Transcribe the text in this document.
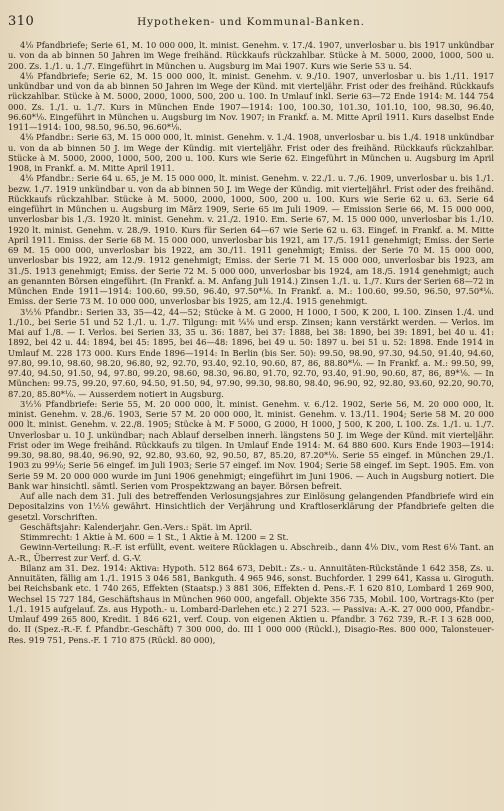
310	Hypotheken- und Kommunal-Banken.

4⅟₀ Pfandbriefe; Serie 61, M. 10 000 000, lt. minist. Genehm. v. 17./4. 1907, unverlosbar u. bis 1917 unkündbar u. von da ab binnen 50 Jahren im Wege freihänd. Rückkaufs rückzahlbar. Stücke à M. 5000, 2000, 1000, 500 u. 200. Zs. 1./1. u. 1./7. Eingeführt in München u. Augsburg im Mai 1907. Kurs wie Serie 53 u. 54.

4⅟₀ Pfandbriefe; Serie 62, M. 15 000 000, lt. minist. Genehm. v. 9./10. 1907, unverlosbar u. bis 1./11. 1917 unkündbar und von da ab binnen 50 Jahren im Wege der Künd. mit vierteljähr. Frist oder des freihänd. Rückkaufs rückzahlbar. Stücke à M. 5000, 2000, 1000, 500, 200 u. 100. In Umlauf inkl. Serie 63—72 Ende 1914: M. 144 754 000. Zs. 1./1. u. 1./7. Kurs in München Ende 1907—1914: 100, 100.30, 101.30, 101.10, 100, 98.30, 96.40, 96.60*⅟₀. Eingeführt in München u. Augsburg im Nov. 1907; in Frankf. a. M. Mitte April 1911. Kurs daselbst Ende 1911—1914: 100, 98.50, 96.50, 96.60*⅟₀.

4⅟₀ Pfandbr.: Serie 63, M. 15 000 000, lt. minist. Genehm. v. 1./4. 1908, unverlosbar u. bis 1./4. 1918 unkündbar u. von da ab binnen 50 J. im Wege der Kündig. mit vierteljähr. Frist oder des freihänd. Rückkaufs rückzahlbar. Stücke à M. 5000, 2000, 1000, 500, 200 u. 100. Kurs wie Serie 62. Eingeführt in München u. Augsburg im April 1908, in Frankf. a. M. Mitte April 1911.

4⅟₀ Pfandbr.: Serie 64 u. 65, je M. 15 000 000, lt. minist. Genehm. v. 22./1. u. 7./6. 1909, unverlosbar u. bis 1./1. bezw. 1./7. 1919 unkündbar u. von da ab binnen 50 J. im Wege der Kündig. mit vierteljährl. Frist oder des freihänd. Rückkaufs rückzahlbar. Stücke à M. 5000, 2000, 1000, 500, 200 u. 100. Kurs wie Serie 62 u. 63. Serie 64 eingeführt in München u. Augsburg im März 1909, Serie 65 im Juli 1909. — Emission Serie 66, M. 15 000 000, unverlosbar bis 1./3. 1920 lt. minist. Genehm. v. 21./2. 1910. Em. Serie 67, M. 15 000 000, unverlosbar bis 1./10. 1920 lt. minist. Genehm. v. 28./9. 1910. Kurs für Serien 64—67 wie Serie 62 u. 63. Eingef. in Frankf. a. M. Mitte April 1911. Emiss. der Serie 68 M. 15 000 000, unverlosbar bis 1921, am 17./5. 1911 genehmigt; Emiss. der Serie 69 M. 15 000 000, unverlosbar bis 1922, am 30./11. 1911 genehmigt; Emiss. der Serie 70 M. 15 000 000, unverlosbar bis 1922, am 12./9. 1912 genehmigt; Emiss. der Serie 71 M. 15 000 000, unverlosbar bis 1923, am 31./5. 1913 genehmigt; Emiss. der Serie 72 M. 5 000 000, unverlosbar bis 1924, am 18./5. 1914 genehmigt; auch an genannten Börsen eingeführt. (In Frankf. a. M. Anfang Juli 1914.) Zinsen 1./1. u. 1./7. Kurs der Serien 68—72 in München Ende 1911—1914: 100.60, 99.50, 96.40, 97.50*⅟₀. In Frankf. a. M.: 100.60, 99.50, 96.50, 97.50*⅟₀. Emiss. der Serie 73 M. 10 000 000, unverlosbar bis 1925, am 12./4. 1915 genehmigt.

3½⅟₀ Pfandbr.: Serien 33, 35—42, 44—52; Stücke à M. G 2000, H 1000, I 500, K 200, L 100. Zinsen 1./4. und 1./10., bei Serie 51 und 52 1./1. u. 1./7. Tilgung: mit ¼⅟₀ und ersp. Zinsen; kann verstärkt werden. — Verlos. im Mai auf 1./8. — I. Verlos. bei Serien 33, 35 u. 36: 1887, bei 37: 1888, bei 38: 1890, bei 39: 1891, bei 40 u. 41: 1892, bei 42 u. 44: 1894, bei 45: 1895, bei 46—48: 1896, bei 49 u. 50: 1897 u. bei 51 u. 52: 1898. Ende 1914 in Umlauf M. 228 173 000. Kurs Ende 1896—1914: In Berlin (bis Ser. 50): 99.50, 98.90, 97.30, 94.50, 91.40, 94.60, 97.80, 99.10, 98.60, 98.20, 96.80, 92, 92.70, 93.40, 92.10, 90.60, 87, 86, 88.80*⅟₀. — In Frankf. a. M.: 99.50, 99, 97.40, 94.50, 91.50, 94, 97.80, 99.20, 98.60, 98.30, 96.80, 91.70, 92.70, 93.40, 91.90, 90.60, 87, 86, 89*⅟₀. — In München: 99.75, 99.20, 97.60, 94.50, 91.50, 94, 97.90, 99.30, 98.80, 98.40, 96.90, 92, 92.80, 93.60, 92.20, 90.70, 87.20, 85.80*⅟₀. — Ausserdem notiert in Augsburg.

3½⅟₀ Pfandbriefe: Serie 55, M. 20 000 000, lt. minist. Genehm. v. 6./12. 1902, Serie 56, M. 20 000 000, lt. minist. Genehm. v. 28./6. 1903, Serie 57 M. 20 000 000, lt. minist. Genehm. v. 13./11. 1904; Serie 58 M. 20 000 000 lt. minist. Genehm. v. 22./8. 1905; Stücke à M. F 5000, G 2000, H 1000, J 500, K 200, L 100. Zs. 1./1. u. 1./7. Unverlosbar u. 10 J. unkündbar; nach Ablauf derselben innerh. längstens 50 J. im Wege der Künd. mit vierteljähr. Frist oder im Wege freihänd. Rückkaufs zu tilgen. In Umlauf Ende 1914: M. 64 880 600. Kurs Ende 1903—1914: 99.30, 98.80, 98.40, 96.90, 92, 92.80, 93.60, 92, 90.50, 87, 85.20, 87.20*⅟₀. Serie 55 eingef. in München 29./1. 1903 zu 99⅟₀; Serie 56 eingef. im Juli 1903; Serie 57 eingef. im Nov. 1904; Serie 58 eingef. im Sept. 1905. Em. von Serie 59 M. 20 000 000 wurde im Juni 1906 genehmigt; eingeführt im Juni 1906. — Auch in Augsburg notiert. Die Bank war hinsichtl. sämtl. Serien vom Prospektzwang an bayer. Börsen befreit.

Auf alle nach dem 31. Juli des betreffenden Verlosungsjahres zur Einlösung gelangenden Pfandbriefe wird ein Depositalzins von 1½⅟₀ gewährt. Hinsichtlich der Verjährung und Kraftloserklärung der Pfandbriefe gelten die gesetzl. Vorschriften.

Geschäftsjahr: Kalenderjahr. Gen.-Vers.: Spät. im April.

Stimmrecht: 1 Aktie à M. 600 = 1 St., 1 Aktie à M. 1200 = 2 St.

Gewinn-Verteilung: R.-F. ist erfüllt, event. weitere Rücklagen u. Abschreib., dann 4⅟₀ Div., vom Rest 6⅟₀ Tant. an A.-R., Überrest zur Verf. d. G.-V.

Bilanz am 31. Dez. 1914: Aktiva: Hypoth. 512 864 673, Debit.: Zs.- u. Annuitäten-Rückstände 1 642 358, Zs. u. Annuitäten, fällig am 1./1. 1915 3 046 581, Bankguth. 4 965 946, sonst. Buchforder. 1 299 641, Kassa u. Giroguth. bei Reichsbank etc. 1 740 265, Effekten (Staatsp.) 3 881 306, Effekten d. Pens.-F. 1 620 810, Lombard 1 269 900, Wechsel 15 727 184, Geschäftshaus in München 960 000, angefall. Objekte 356 735, Mobil. 100, Vortrags-Kto (per 1./1. 1915 aufgelauf. Zs. aus Hypoth.- u. Lombard-Darlehen etc.) 2 271 523. — Passiva: A.-K. 27 000 000, Pfandbr.-Umlauf 499 265 800, Kredit. 1 846 621, verf. Coup. von eigenen Aktien u. Pfandbr. 3 762 739, R.-F. I 3 628 000, do. II (Spez.-R.-F. f. Pfandbr.-Geschäft) 7 300 000, do. III 1 000 000 (Rückl.), Disagio-Res. 800 000, Talonsteuer-Res. 919 751, Pens.-F. 1 710 875 (Rückl. 80 000),
